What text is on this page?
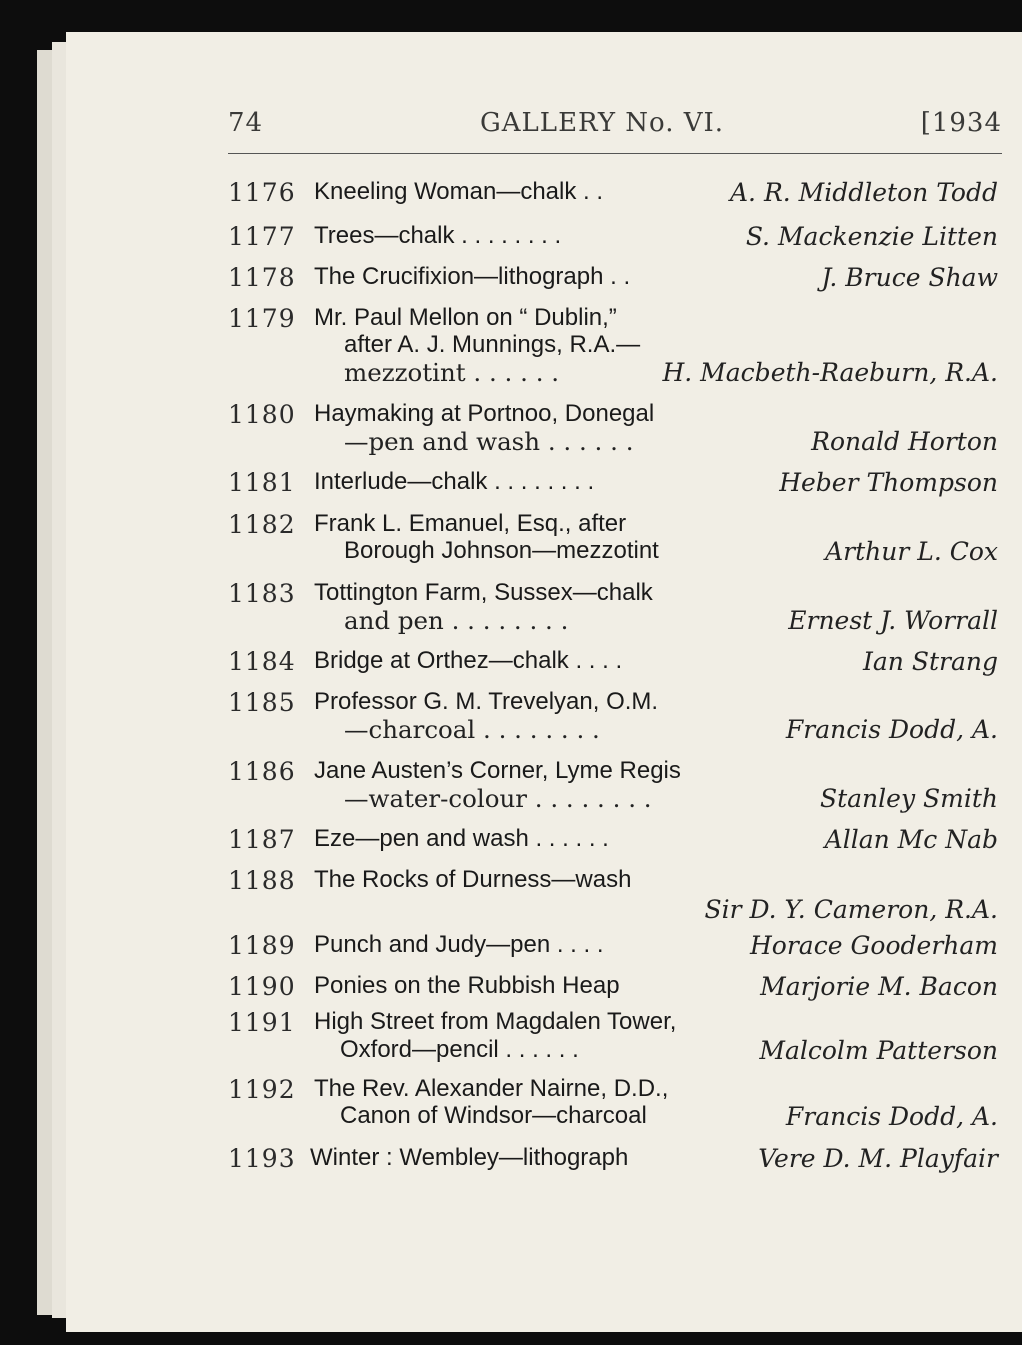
74	GALLERY No. VI.	[1934
1176 Kneeling Woman—chalk . .	A. R. Middleton Todd
1177 Trees—chalk . . . . . . . .	S. Mackenzie Litten
1178 The Crucifixion—lithograph . .	J. Bruce Shaw
1179 Mr. Paul Mellon on “ Dublin,”
after A. J. Munnings, R.A.—
mezzotint . . . . . .	H. Macbeth-Raeburn, R.A.
1180 Haymaking at Portnoo, Donegal
—pen and wash . . . . . .	Ronald Horton
1181 Interlude—chalk . . . . . . . .	Heber Thompson
1182 Frank L. Emanuel, Esq., after
Borough Johnson—mezzotint	Arthur L. Cox
1183 Tottington Farm, Sussex—chalk
and pen . . . . . . . .	Ernest J. Worrall
1184 Bridge at Orthez—chalk . . . .	Ian Strang
1185 Professor G. M. Trevelyan, O.M.
—charcoal . . . . . . . .	Francis Dodd, A.
1186 Jane Austen’s Corner, Lyme Regis
—water-colour . . . . . . . .	Stanley Smith
1187 Eze—pen and wash . . . . . .	Allan Mc Nab
1188 The Rocks of Durness—wash
Sir D. Y. Cameron, R.A.
1189 Punch and Judy—pen . . . .	Horace Gooderham
1190 Ponies on the Rubbish Heap	Marjorie M. Bacon
1191 High Street from Magdalen Tower,
Oxford—pencil . . . . . .	Malcolm Patterson
1192 The Rev. Alexander Nairne, D.D.,
Canon of Windsor—charcoal	Francis Dodd, A.
1193 Winter : Wembley—lithograph	Vere D. M. Playfair
